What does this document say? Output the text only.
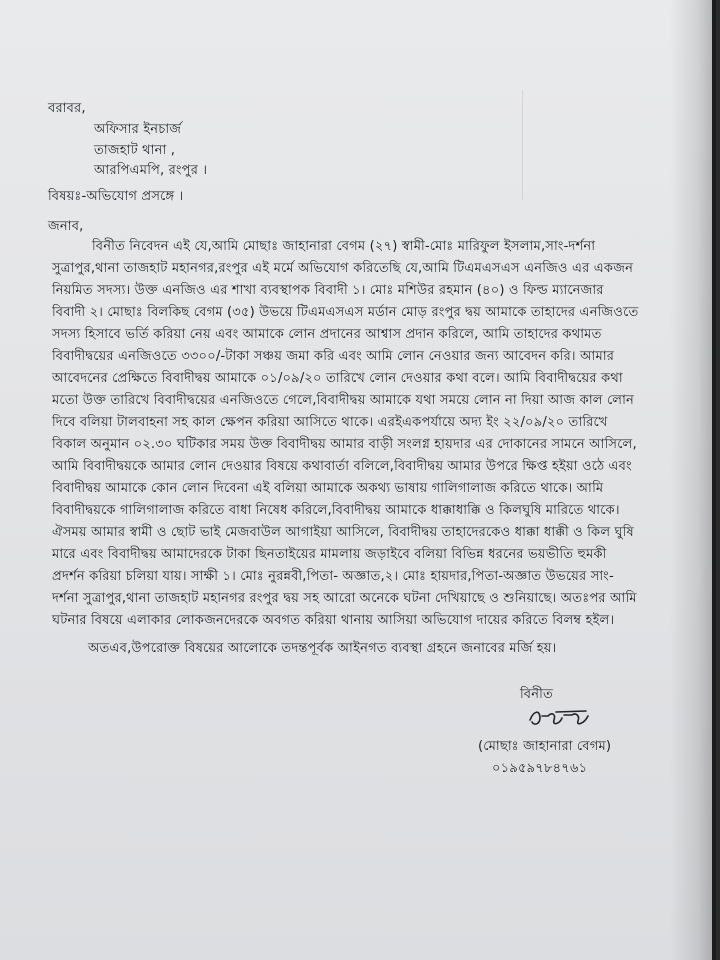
বরাবর,
অফিসার ইনচার্জ
তাজহাট থানা ,
আরপিএমপি, রংপুর ।
বিষয়ঃ-অভিযোগ প্রসঙ্গে ।
জনাব,
বিনীত নিবেদন এই যে,আমি মোছাঃ জাহানারা বেগম (২৭) স্বামী-মোঃ মারিফুল ইসলাম,সাং-দর্শনা
সুত্রাপুর,থানা তাজহাট মহানগর,রংপুর এই মর্মে অভিযোগ করিতেছি যে,আমি টিএমএসএস এনজিও এর একজন
নিয়মিত সদস্য। উক্ত এনজিও এর শাখা ব্যবস্থাপক বিবাদী ১। মোঃ মশিউর রহমান (৪০) ও ফিল্ড ম্যানেজার
বিবাদী ২। মোছাঃ বিলকিছ বেগম (৩৫) উভয়ে টিএমএসএস মর্ডান মোড় রংপুর দ্বয় আমাকে তাহাদের এনজিওতে
সদস্য হিসাবে ভর্তি করিয়া নেয় এবং আমাকে লোন প্রদানের আশ্বাস প্রদান করিলে, আমি তাহাদের কথামত
বিবাদীদ্বয়ের এনজিওতে ৩৩০০/-টাকা সঞ্চয় জমা করি এবং আমি লোন নেওয়ার জন্য আবেদন করি। আমার
আবেদনের প্রেক্ষিতে বিবাদীদ্বয় আমাকে ০১/০৯/২০ তারিখে লোন দেওয়ার কথা বলে। আমি বিবাদীদ্বয়ের কথা
মতো উক্ত তারিখে বিবাদীদ্বয়ের এনজিওতে গেলে,বিবাদীদ্বয় আমাকে যথা সময়ে লোন না দিয়া আজ কাল লোন
দিবে বলিয়া টালবাহনা সহ কাল ক্ষেপন করিয়া আসিতে থাকে। এরইএকপর্যায়ে অদ্য ইং ২২/০৯/২০ তারিখে
বিকাল অনুমান ০২.৩০ ঘটিকার সময় উক্ত বিবাদীদ্বয় আমার বাড়ী সংলগ্ন হায়দার এর দোকানের সামনে আসিলে,
আমি বিবাদীদ্বয়কে আমার লোন দেওয়ার বিষয়ে কথাবার্তা বলিলে,বিবাদীদ্বয় আমার উপরে ক্ষিপ্ত হইয়া ওঠে এবং
বিবাদীদ্বয় আমাকে কোন লোন দিবেনা এই বলিয়া আমাকে অকথ্য ভাষায় গালিগালাজ করিতে থাকে। আমি
বিবাদীদ্বয়কে গালিগালাজ করিতে বাধা নিষেধ করিলে,বিবাদীদ্বয় আমাকে ধাক্কাধাক্কি ও কিলঘুষি মারিতে থাকে।
ঐসময় আমার স্বামী ও ছোট ভাই মেজবাউল আগাইয়া আসিলে, বিবাদীদ্বয় তাহাদেরকেও ধাক্কা ধাক্কী ও কিল ঘুষি
মারে এবং বিবাদীদ্বয় আমাদেরকে টাকা ছিনতাইয়ের মামলায় জড়াইবে বলিয়া বিভিন্ন ধরনের ভয়ভীতি হুমকী
প্রদর্শন করিয়া চলিয়া যায়। সাক্ষী ১। মোঃ নুরন্নবী,পিতা- অজ্ঞাত,২। মোঃ হায়দার,পিতা-অজ্ঞাত উভয়ের সাং-
দর্শনা সুত্রাপুর,থানা তাজহাট মহানগর রংপুর দ্বয় সহ আরো অনেকে ঘটনা দেখিয়াছে ও শুনিয়াছে। অতঃপর আমি
ঘটনার বিষয়ে এলাকার লোকজনদেরকে অবগত করিয়া থানায় আসিয়া অভিযোগ দায়ের করিতে বিলম্ব হইল।
অতএব,উপরোক্ত বিষয়ের আলোকে তদন্তপূর্বক আইনগত ব্যবস্থা গ্রহনে জনাবের মর্জি হয়।
বিনীত
(মোছাঃ জাহানারা বেগম)
০১৯৫৯৭৮৪৭৬১
